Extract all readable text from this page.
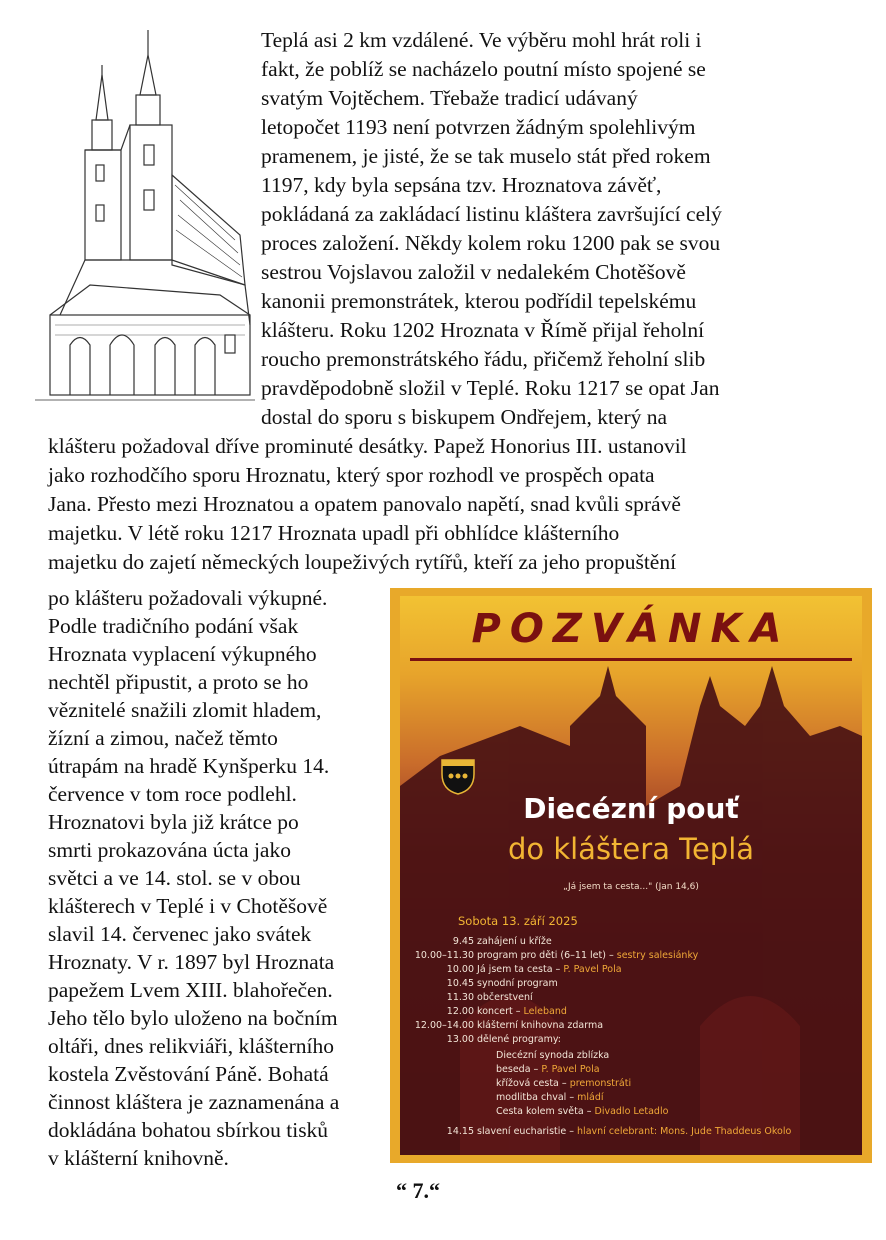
Teplá asi 2 km vzdálené. Ve výběru mohl hrát roli i
fakt, že poblíž se nacházelo poutní místo spojené se
svatým Vojtěchem. Třebaže tradicí udávaný
letopočet 1193 není potvrzen žádným spolehlivým
pramenem, je jisté, že se tak muselo stát před rokem
1197, kdy byla sepsána tzv. Hroznatova závěť,
pokládaná za zakládací listinu kláštera završující celý
proces založení. Někdy kolem roku 1200 pak se svou
sestrou Vojslavou založil v nedalekém Chotěšově
kanonii premonstrátek, kterou podřídil tepelskému
klášteru. Roku 1202 Hroznata v Římě přijal řeholní
roucho premonstrátského řádu, přičemž řeholní slib
pravděpodobně složil v Teplé. Roku 1217 se opat Jan
dostal do sporu s biskupem Ondřejem, který na
klášteru požadoval dříve prominuté desátky. Papež Honorius III. ustanovil
jako rozhodčího sporu Hroznatu, který spor rozhodl ve prospěch opata
Jana. Přesto mezi Hroznatou a opatem panovalo napětí, snad kvůli správě
majetku. V létě roku 1217 Hroznata upadl při obhlídce klášterního
majetku do zajetí německých loupeživých rytířů, kteří za jeho propuštění
po klášteru požadovali výkupné.
Podle tradičního podání však
Hroznata vyplacení výkupného
nechtěl připustit, a proto se ho
věznitelé snažili zlomit hladem,
žízní a zimou, načež těmto
útrapám na hradě Kynšperku 14.
července v tom roce podlehl.
Hroznatovi byla již krátce po
smrti prokazována úcta jako
světci a ve 14. stol. se v obou
klášterech v Teplé i v Chotěšově
slavil 14. červenec jako svátek
Hroznaty. V r. 1897 byl Hroznata
papežem Lvem XIII. blahořečen.
Jeho tělo bylo uloženo na bočním
oltáři, dnes relikviáři, klášterního
kostela Zvěstování Páně. Bohatá
činnost kláštera je zaznamenána a
dokládána bohatou sbírkou tisků
v klášterní knihovně.
POZVÁNKA
Diecézní pouť
do kláštera Teplá
„Já jsem ta cesta..." (Jan 14,6)
Sobota 13. září 2025
9.45 zahájení u kříže
10.00–11.30 program pro děti (6–11 let) – sestry salesiánky
10.00 Já jsem ta cesta – P. Pavel Pola
10.45 synodní program
11.30 občerstvení
12.00 koncert – Leleband
12.00–14.00 klášterní knihovna zdarma
13.00 dělené programy:
Diecézní synoda zblízka
beseda – P. Pavel Pola
křížová cesta – premonstráti
modlitba chval – mládí
Cesta kolem světa – Divadlo Letadlo
14.15 slavení eucharistie – hlavní celebrant: Mons. Jude Thaddeus Okolo
“ 7.“
